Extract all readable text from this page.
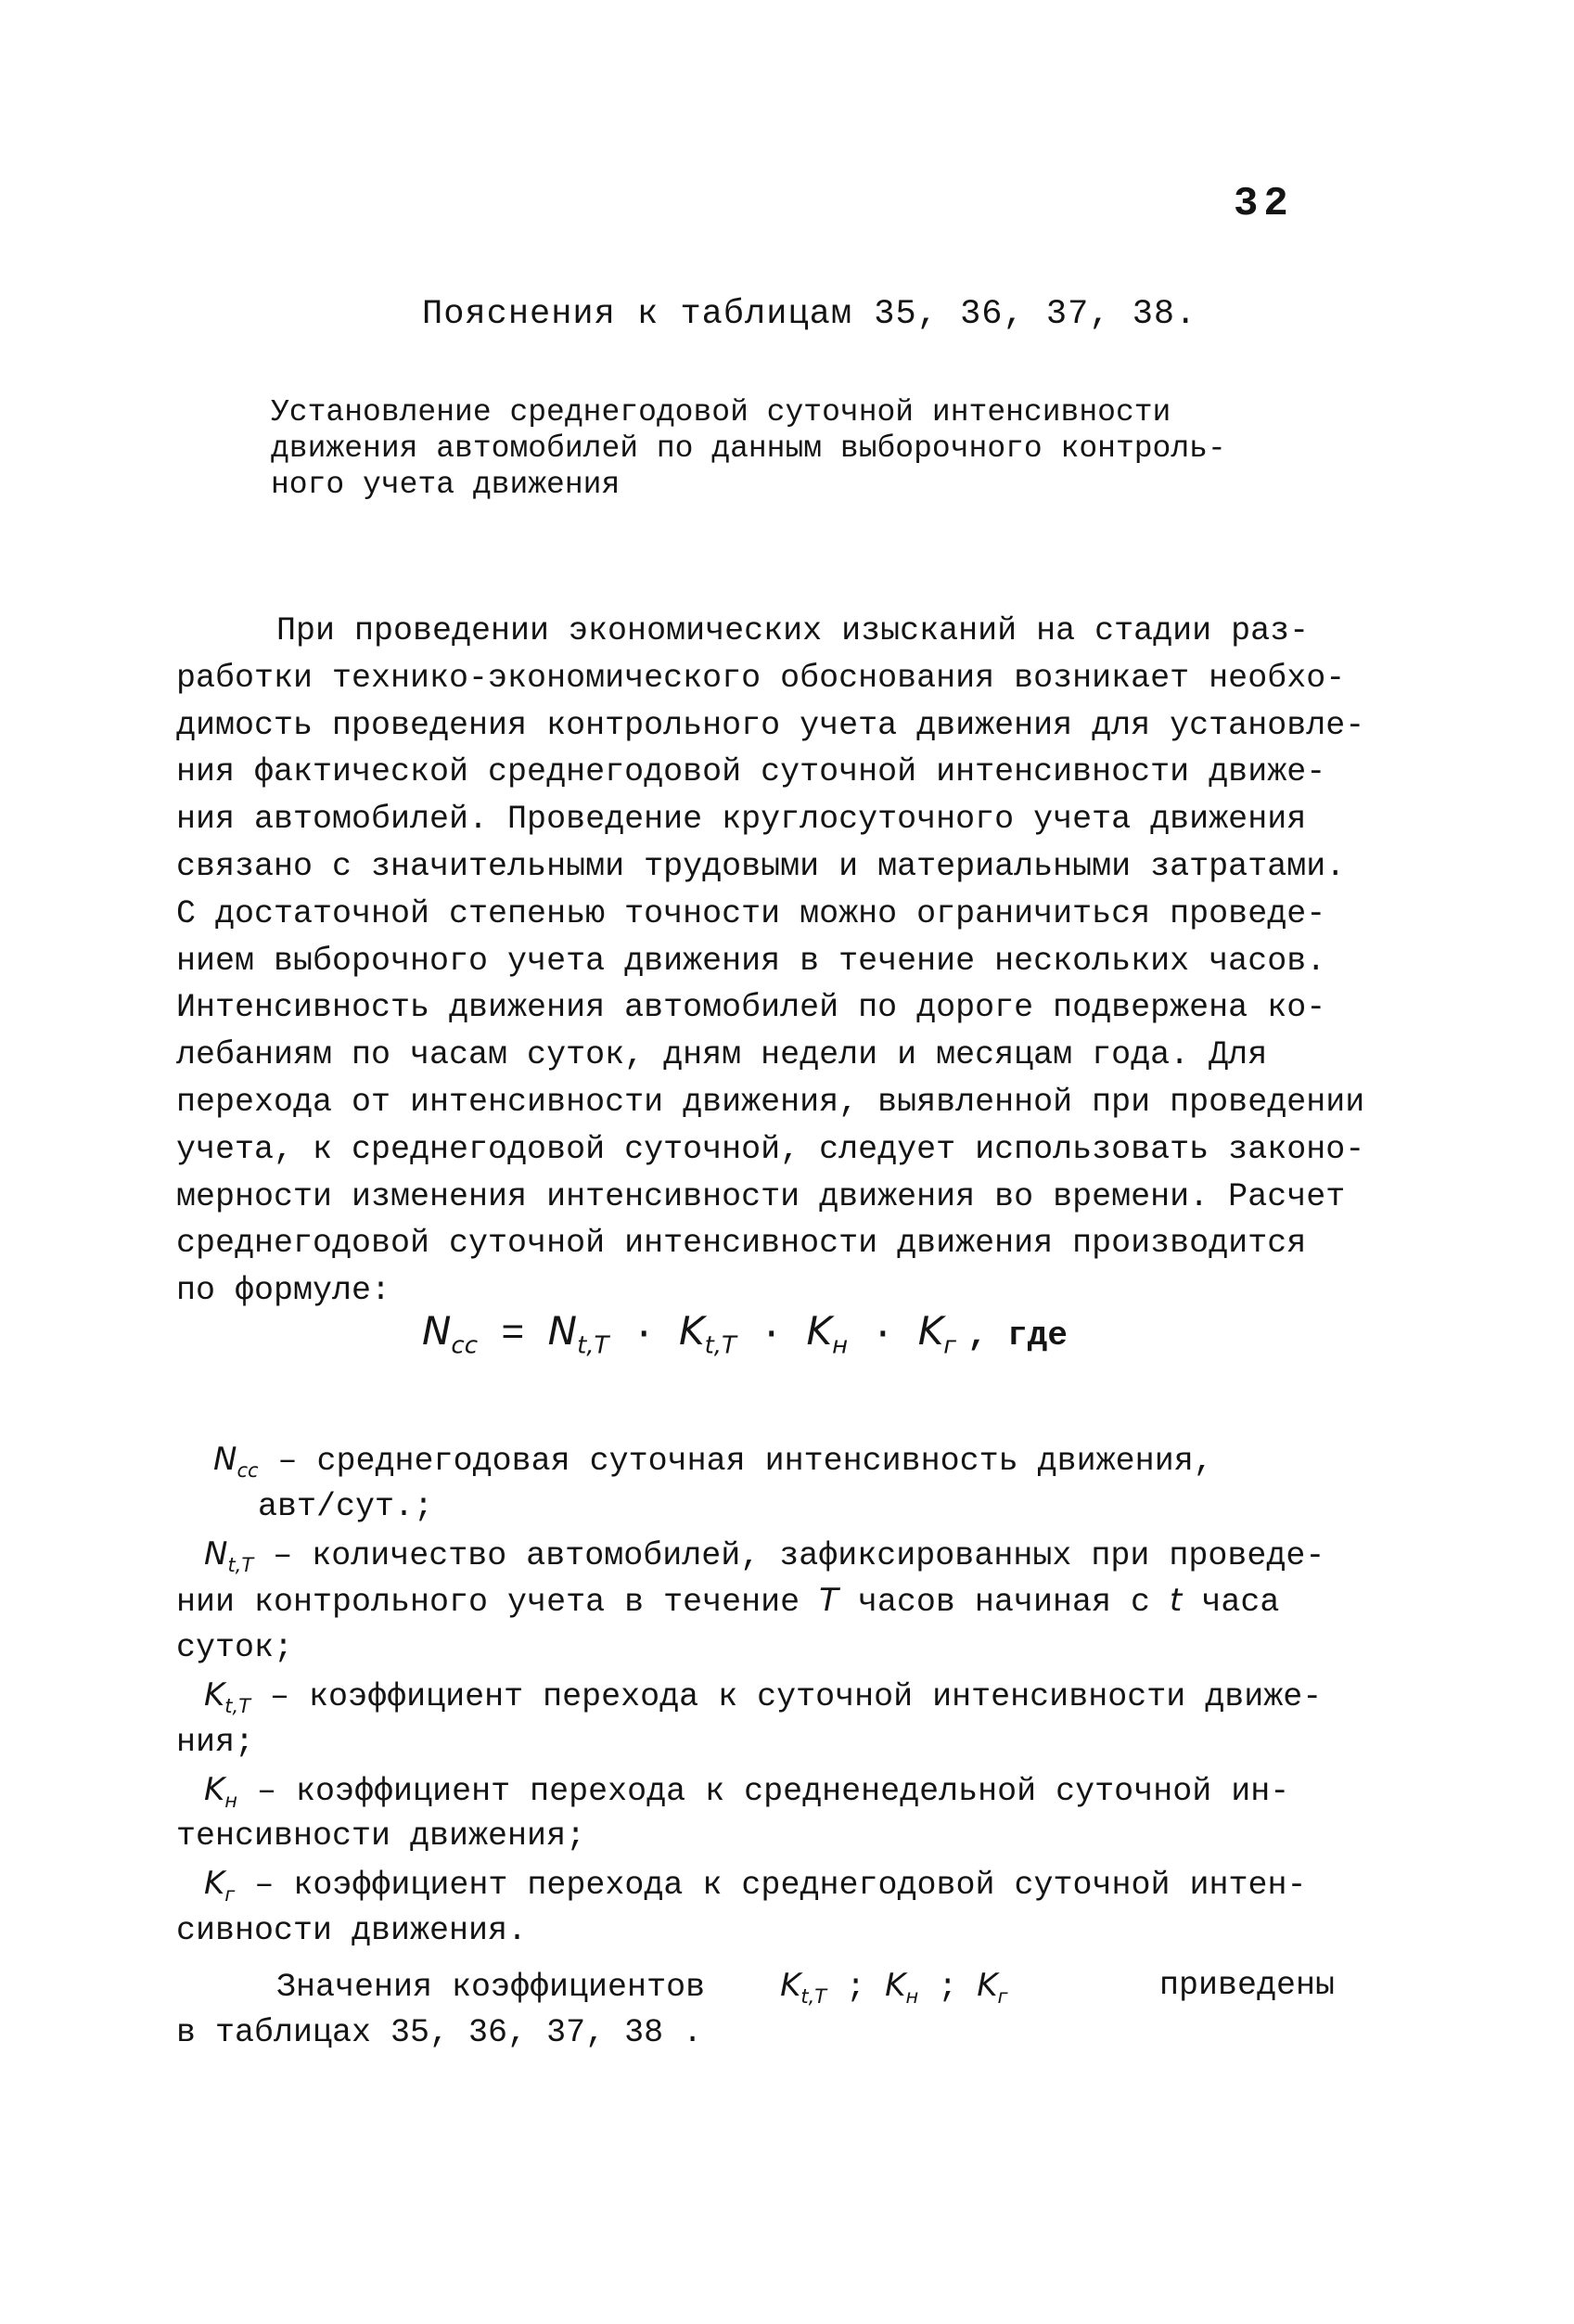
32
Пояснения к таблицам 35, 36, 37, 38.
Установление среднегодовой суточной интенсивности
движения автомобилей по данным выборочного контроль-
ного учета движения
При проведении экономических изысканий на стадии раз-
работки технико-экономического обоснования возникает необхо-
димость проведения контрольного учета движения для установле-
ния фактической среднегодовой суточной интенсивности движе-
ния автомобилей. Проведение круглосуточного учета движения
связано с значительными трудовыми и материальными затратами.
С достаточной степенью точности можно ограничиться проведе-
нием выборочного учета движения в течение нескольких часов.
Интенсивность движения автомобилей по дороге подвержена ко-
лебаниям по часам суток, дням недели и месяцам года. Для
перехода от интенсивности движения, выявленной при проведении
учета, к среднегодовой суточной, следует использовать законо-
мерности изменения интенсивности движения во времени. Расчет
среднегодовой суточной интенсивности движения производится
по формуле:
$N_{cc} = N_{t,T} \cdot K_{t,T} \cdot K_н \cdot K_г$ , где
$N_{cc}$ – среднегодовая суточная интенсивность движения,
авт/сут.;
$N_{t,T}$ – количество автомобилей, зафиксированных при проведе-
нии контрольного учета в течение T часов начиная с t часа
суток;
$K_{t,T}$ – коэффициент перехода к суточной интенсивности движе-
ния;
$K_н$ – коэффициент перехода к средненедельной суточной ин-
тенсивности движения;
$K_г$ – коэффициент перехода к среднегодовой суточной интен-
сивности движения.
Значения коэффициентов $K_{t,T}$ ; $K_н$ ; $K_г$	приведены
в таблицах 35, 36, 37, 38 .
